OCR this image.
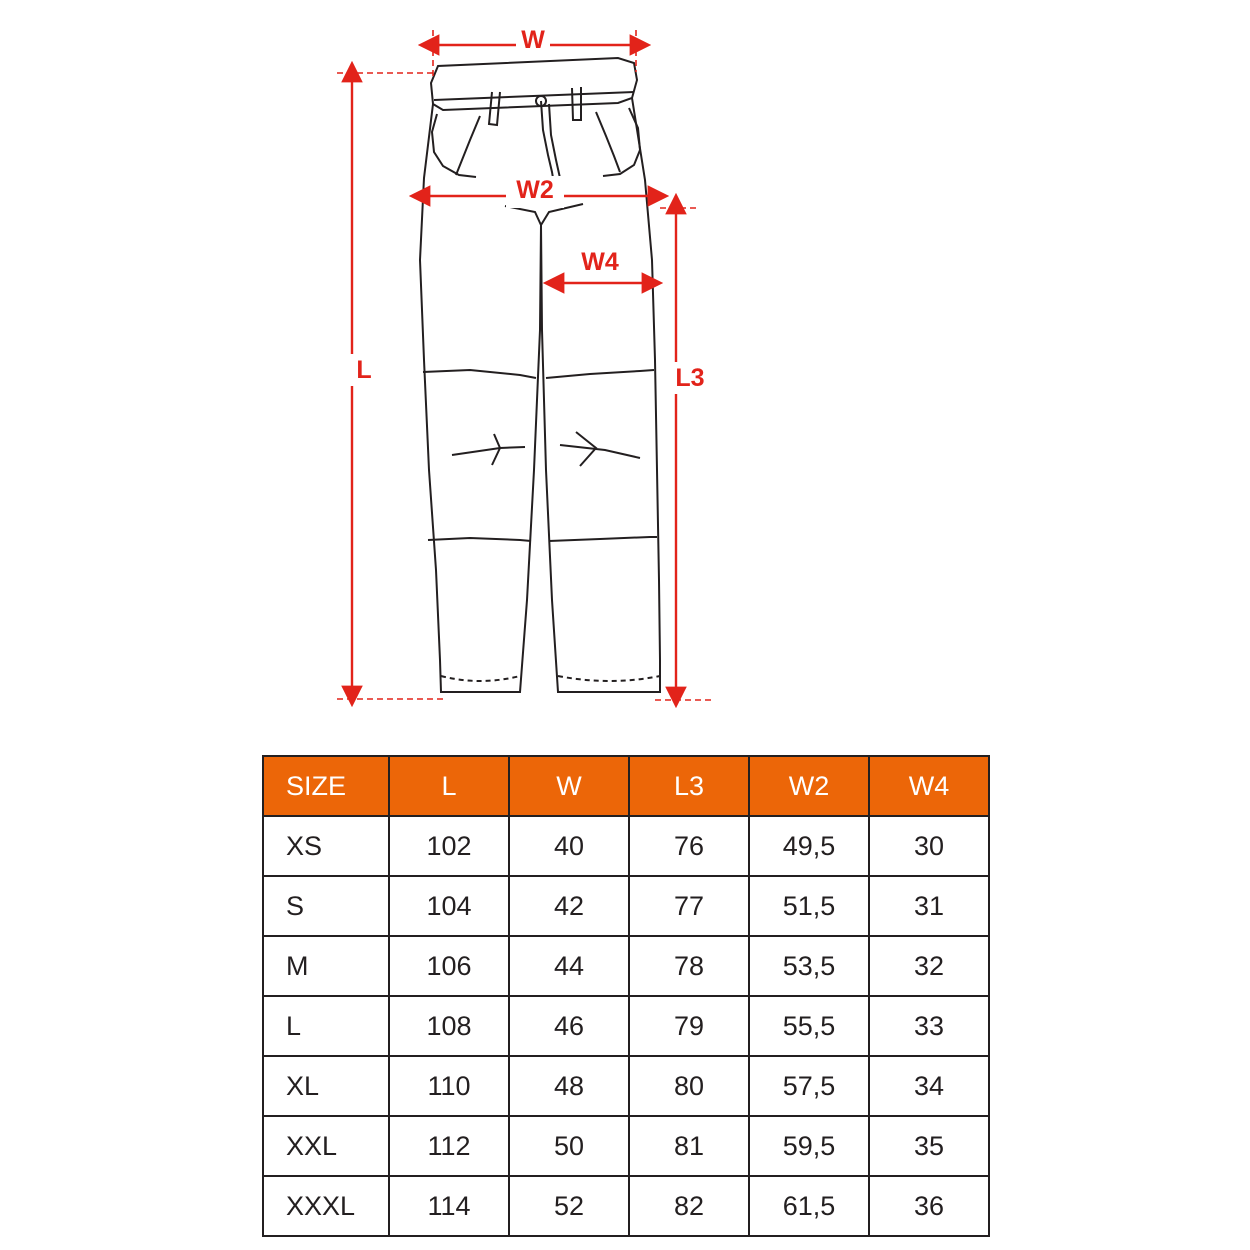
W
W2
W4
L	L3
SIZE	L	W	L3	W2	W4
XS	102	40	76	49,5	30
S	104	42	77	51,5	31
M	106	44	78	53,5	32
L	108	46	79	55,5	33
XL	110	48	80	57,5	34
XXL	112	50	81	59,5	35
XXXL	114	52	82	61,5	36
